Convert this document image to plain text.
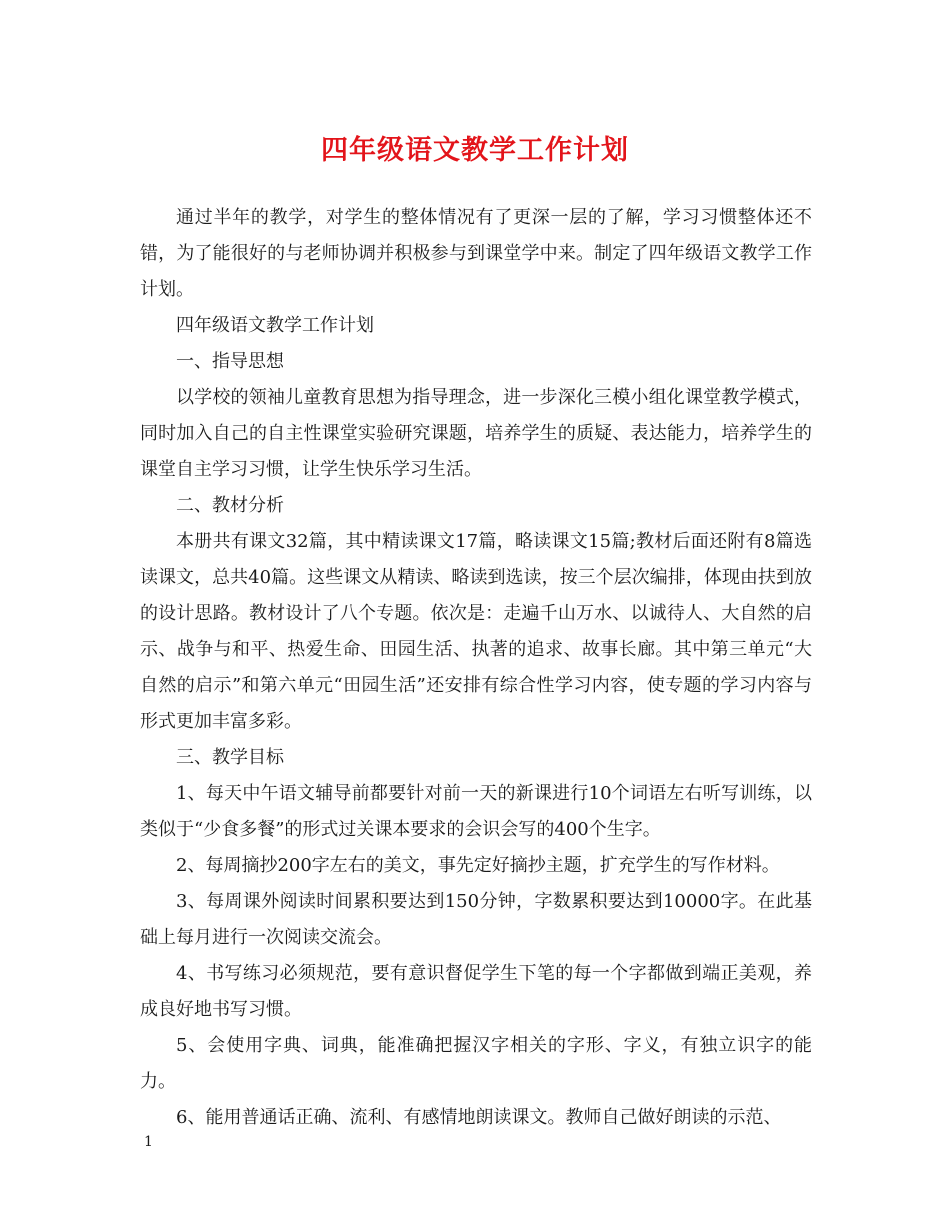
四年级语文教学工作计划

通过半年的教学，对学生的整体情况有了更深一层的了解，学习习惯整体还不错，为了能很好的与老师协调并积极参与到课堂学中来。制定了四年级语文教学工作计划。

四年级语文教学工作计划

一、指导思想

以学校的领袖儿童教育思想为指导理念，进一步深化三模小组化课堂教学模式，同时加入自己的自主性课堂实验研究课题，培养学生的质疑、表达能力，培养学生的课堂自主学习习惯，让学生快乐学习生活。

二、教材分析

本册共有课文32篇，其中精读课文17篇，略读课文15篇;教材后面还附有8篇选读课文，总共40篇。这些课文从精读、略读到选读，按三个层次编排，体现由扶到放的设计思路。教材设计了八个专题。依次是：走遍千山万水、以诚待人、大自然的启示、战争与和平、热爱生命、田园生活、执著的追求、故事长廊。其中第三单元“大自然的启示”和第六单元“田园生活”还安排有综合性学习内容，使专题的学习内容与形式更加丰富多彩。

三、教学目标

1、每天中午语文辅导前都要针对前一天的新课进行10个词语左右听写训练，以类似于“少食多餐”的形式过关课本要求的会识会写的400个生字。

2、每周摘抄200字左右的美文，事先定好摘抄主题，扩充学生的写作材料。

3、每周课外阅读时间累积要达到150分钟，字数累积要达到10000字。在此基础上每月进行一次阅读交流会。

4、书写练习必须规范，要有意识督促学生下笔的每一个字都做到端正美观，养成良好地书写习惯。

5、会使用字典、词典，能准确把握汉字相关的字形、字义，有独立识字的能力。

6、能用普通话正确、流利、有感情地朗读课文。教师自己做好朗读的示范、

1
